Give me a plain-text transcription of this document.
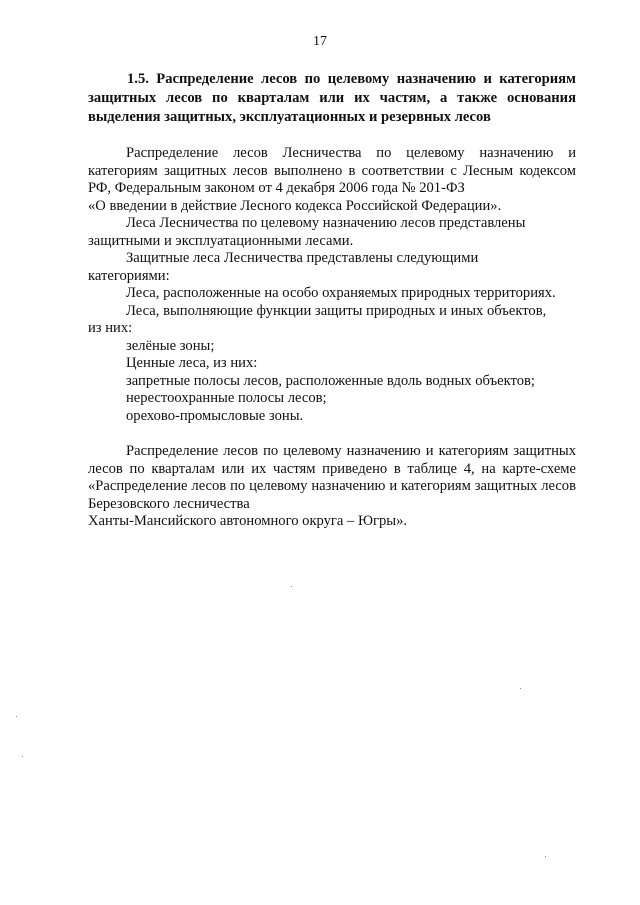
17
1.5. Распределение лесов по целевому назначению и категориям защитных лесов по кварталам или их частям, а также основания
выделения защитных, эксплуатационных и резервных лесов

Распределение лесов Лесничества по целевому назначению и категориям защитных лесов выполнено в соответствии с Лесным кодексом РФ, Федеральным законом от 4 декабря 2006 года № 201-ФЗ
«О введении в действие Лесного кодекса Российской Федерации».

Леса Лесничества по целевому назначению лесов представлены
защитными и эксплуатационными лесами.

Защитные леса Лесничества представлены следующими
категориями:

Леса, расположенные на особо охраняемых природных территориях.

Леса, выполняющие функции защиты природных и иных объектов,
из них:

зелёные зоны;

Ценные леса, из них:

запретные полосы лесов, расположенные вдоль водных объектов;

нерестоохранные полосы лесов;

орехово-промысловые зоны.

Распределение лесов по целевому назначению и категориям защитных лесов по кварталам или их частям приведено в таблице 4, на карте-схеме «Распределение лесов по целевому назначению и категориям защитных лесов Березовского лесничества
Ханты-Мансийского автономного округа – Югры».
